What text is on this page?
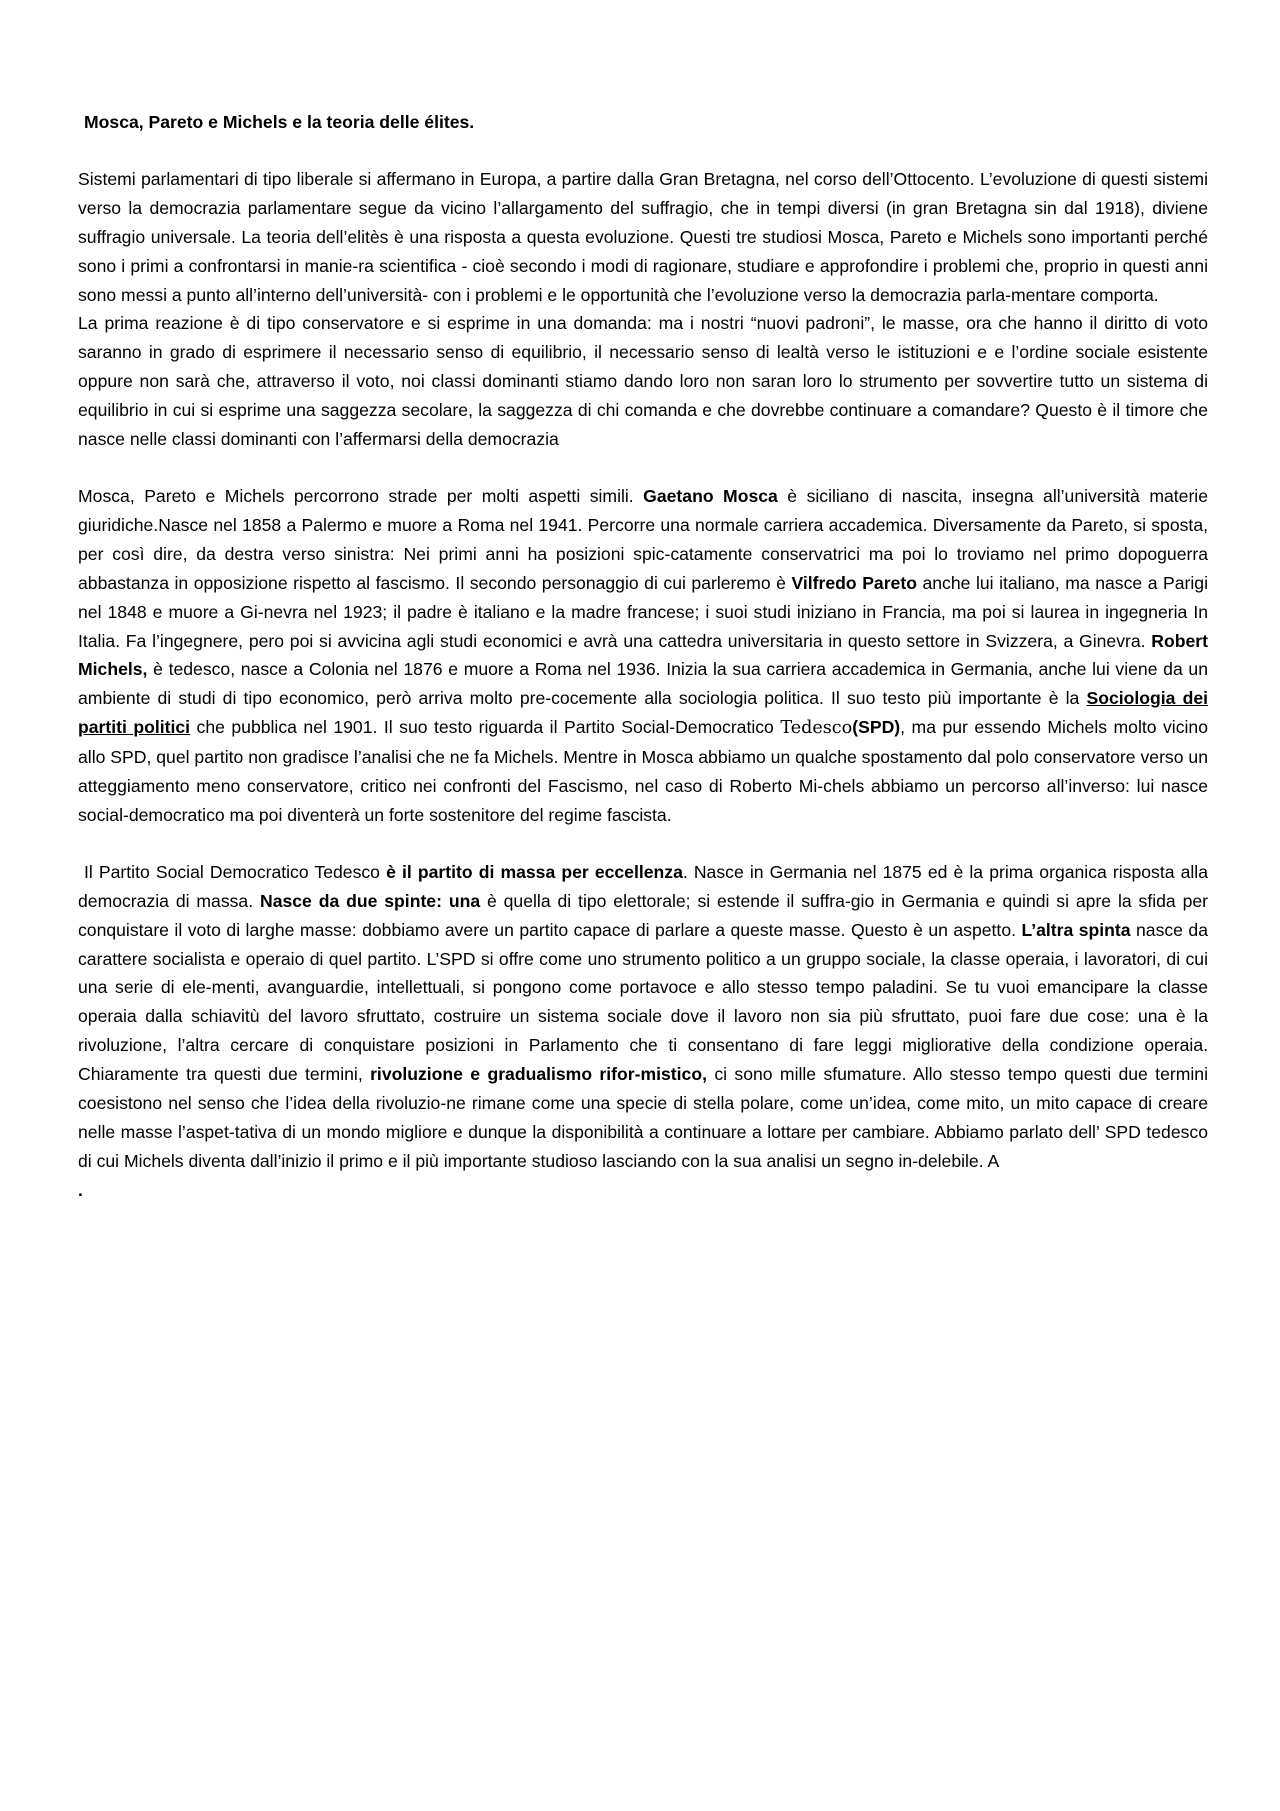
Mosca, Pareto e Michels e la teoria delle élites.

Sistemi parlamentari di tipo liberale si affermano in Europa, a partire dalla Gran Bretagna, nel corso dell’Ottocento. L’evoluzione di questi sistemi verso la democrazia parlamentare segue da vicino l’allargamento del suffragio, che in tempi diversi (in gran Bretagna sin dal 1918), diviene suffragio universale. La teoria dell’elitès è una risposta a questa evoluzione. Questi tre studiosi Mosca, Pareto e Michels sono importanti perché sono i primi a confrontarsi in manie-ra scientifica - cioè secondo i modi di ragionare, studiare e approfondire i problemi che, proprio in questi anni sono messi a punto all’interno dell’università- con i problemi e le opportunità che l’evoluzione verso la democrazia parla-mentare comporta.

La prima reazione è di tipo conservatore e si esprime in una domanda: ma i nostri “nuovi padroni”, le masse, ora che hanno il diritto di voto saranno in grado di esprimere il necessario senso di equilibrio, il necessario senso di lealtà verso le istituzioni e e l’ordine sociale esistente oppure non sarà che, attraverso il voto, noi classi dominanti stiamo dando loro non saran loro lo strumento per sovvertire tutto un sistema di equilibrio in cui si esprime una saggezza secolare, la saggezza di chi comanda e che dovrebbe continuare a comandare? Questo è il timore che nasce nelle classi dominanti con l’affermarsi della democrazia

Mosca, Pareto e Michels percorrono strade per molti aspetti simili. Gaetano Mosca è siciliano di nascita, insegna all’università materie giuridiche.Nasce nel 1858 a Palermo e muore a Roma nel 1941. Percorre una normale carriera accademica. Diversamente da Pareto, si sposta, per così dire, da destra verso sinistra: Nei primi anni ha posizioni spic-catamente conservatrici ma poi lo troviamo nel primo dopoguerra abbastanza in opposizione rispetto al fascismo. Il secondo personaggio di cui parleremo è Vilfredo Pareto anche lui italiano, ma nasce a Parigi nel 1848 e muore a Gi-nevra nel 1923; il padre è italiano e la madre francese; i suoi studi iniziano in Francia, ma poi si laurea in ingegneria In Italia. Fa l’ingegnere, pero poi si avvicina agli studi economici e avrà una cattedra universitaria in questo settore in Svizzera, a Ginevra. Robert Michels, è tedesco, nasce a Colonia nel 1876 e muore a Roma nel 1936. Inizia la sua carriera accademica in Germania, anche lui viene da un ambiente di studi di tipo economico, però arriva molto pre-cocemente alla sociologia politica. Il suo testo più importante è la Sociologia dei partiti politici che pubblica nel 1901. Il suo testo riguarda il Partito Social-Democratico Tedesco(SPD), ma pur essendo Michels molto vicino allo SPD, quel partito non gradisce l’analisi che ne fa Michels. Mentre in Mosca abbiamo un qualche spostamento dal polo conservatore verso un atteggiamento meno conservatore, critico nei confronti del Fascismo, nel caso di Roberto Mi-chels abbiamo un percorso all’inverso: lui nasce social-democratico ma poi diventerà un forte sostenitore del regime fascista.

Il Partito Social Democratico Tedesco è il partito di massa per eccellenza. Nasce in Germania nel 1875 ed è la prima organica risposta alla democrazia di massa. Nasce da due spinte: una è quella di tipo elettorale; si estende il suffra-gio in Germania e quindi si apre la sfida per conquistare il voto di larghe masse: dobbiamo avere un partito capace di parlare a queste masse. Questo è un aspetto. L’altra spinta nasce da carattere socialista e operaio di quel partito. L’SPD si offre come uno strumento politico a un gruppo sociale, la classe operaia, i lavoratori, di cui una serie di ele-menti, avanguardie, intellettuali, si pongono come portavoce e allo stesso tempo paladini. Se tu vuoi emancipare la classe operaia dalla schiavitù del lavoro sfruttato, costruire un sistema sociale dove il lavoro non sia più sfruttato, puoi fare due cose: una è la rivoluzione, l’altra cercare di conquistare posizioni in Parlamento che ti consentano di fare leggi migliorative della condizione operaia. Chiaramente tra questi due termini, rivoluzione e gradualismo rifor-mistico, ci sono mille sfumature. Allo stesso tempo questi due termini coesistono nel senso che l’idea della rivoluzio-ne rimane come una specie di stella polare, come un’idea, come mito, un mito capace di creare nelle masse l’aspet-tativa di un mondo migliore e dunque la disponibilità a continuare a lottare per cambiare. Abbiamo parlato dell’ SPD tedesco di cui Michels diventa dall’inizio il primo e il più importante studioso lasciando con la sua analisi un segno in-delebile. A

.
